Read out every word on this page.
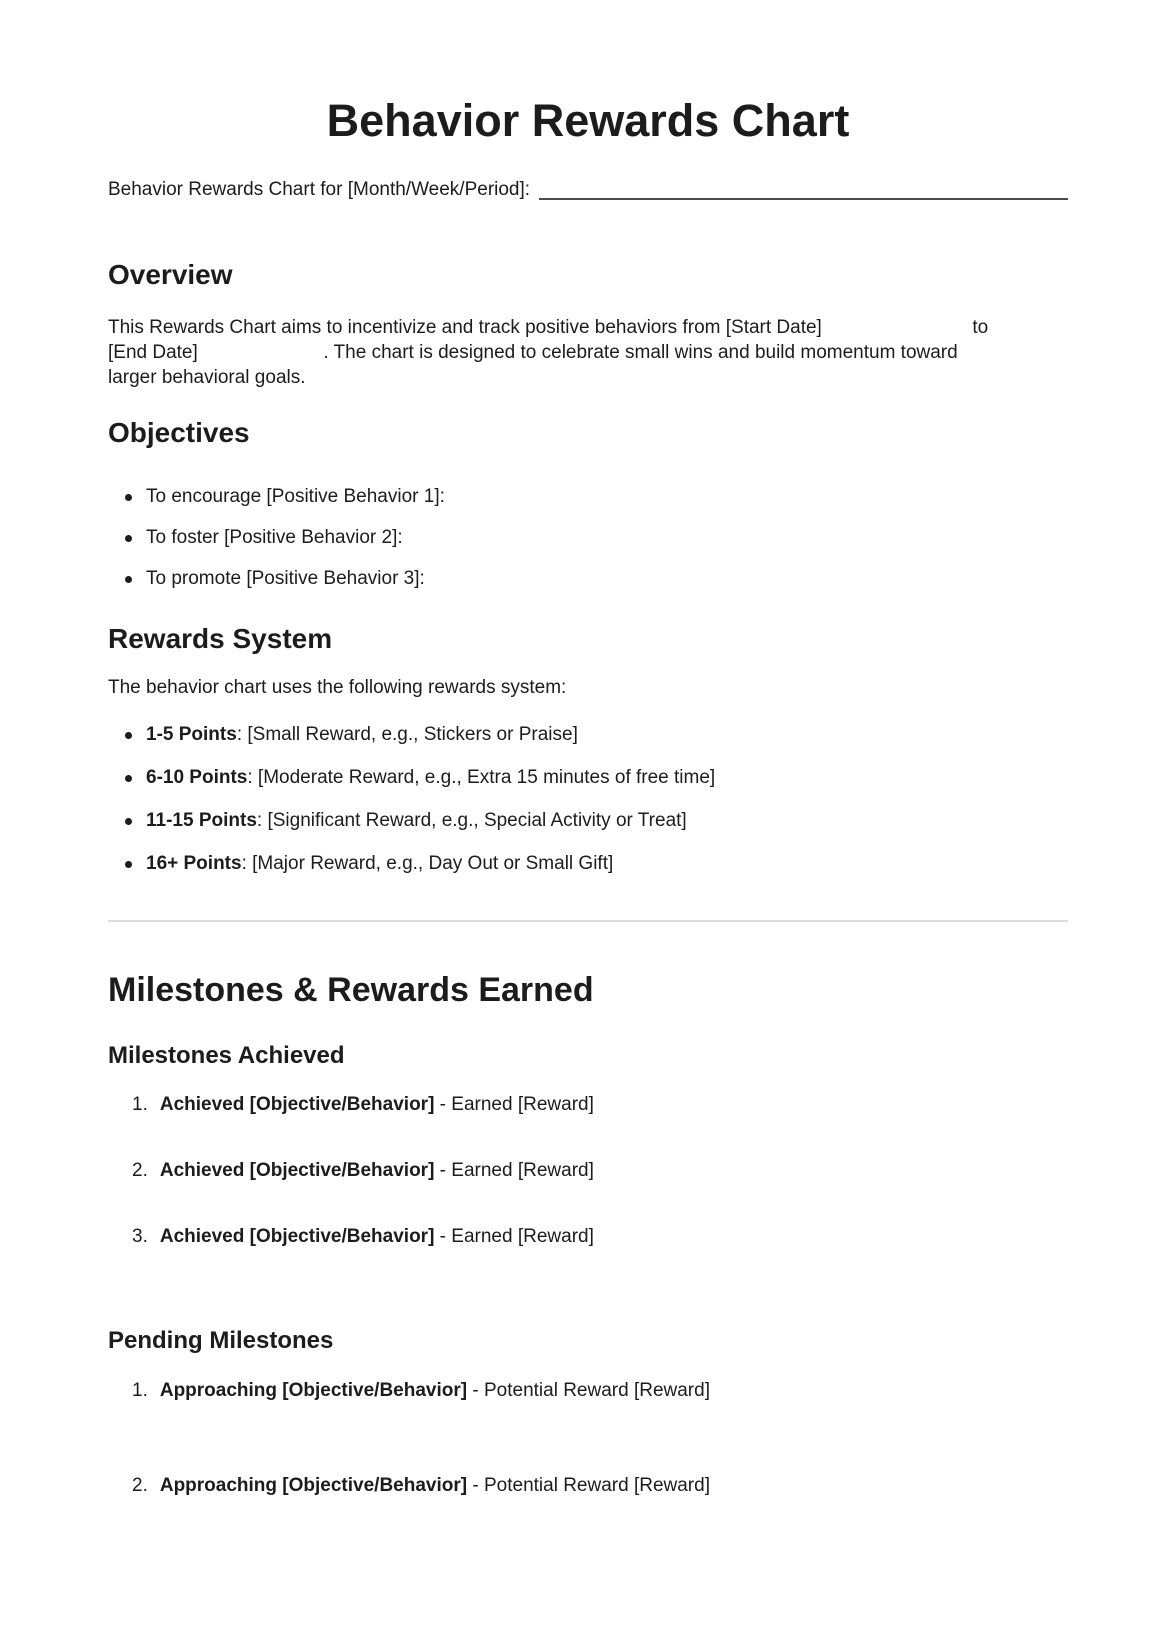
Behavior Rewards Chart
Behavior Rewards Chart for [Month/Week/Period]:
Overview
This Rewards Chart aims to incentivize and track positive behaviors from [Start Date]	to
[End Date]	. The chart is designed to celebrate small wins and build momentum toward
larger behavioral goals.
Objectives
To encourage [Positive Behavior 1]:
To foster [Positive Behavior 2]:
To promote [Positive Behavior 3]:
Rewards System
The behavior chart uses the following rewards system:
1-5 Points: [Small Reward, e.g., Stickers or Praise]
6-10 Points: [Moderate Reward, e.g., Extra 15 minutes of free time]
11-15 Points: [Significant Reward, e.g., Special Activity or Treat]
16+ Points: [Major Reward, e.g., Day Out or Small Gift]
Milestones & Rewards Earned
Milestones Achieved
1. Achieved [Objective/Behavior] - Earned [Reward]
2. Achieved [Objective/Behavior] - Earned [Reward]
3. Achieved [Objective/Behavior] - Earned [Reward]
Pending Milestones
1. Approaching [Objective/Behavior] - Potential Reward [Reward]
2. Approaching [Objective/Behavior] - Potential Reward [Reward]
